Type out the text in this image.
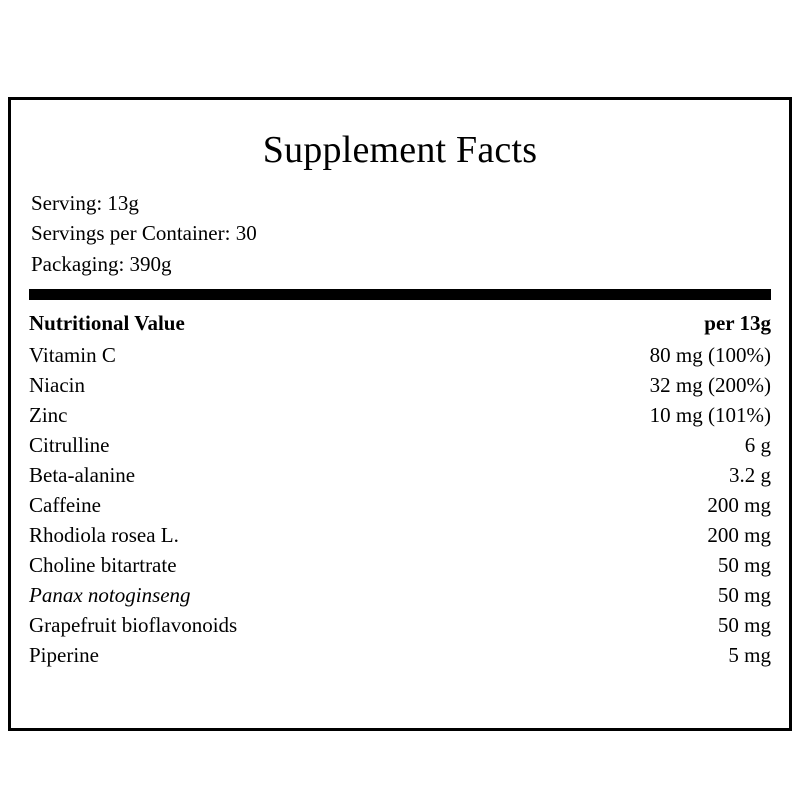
Supplement Facts
Serving: 13g
Servings per Container: 30
Packaging: 390g
Nutritional Value	per 13g
Vitamin C	80 mg (100%)
Niacin	32 mg (200%)
Zinc	10 mg (101%)
Citrulline	6 g
Beta-alanine	3.2 g
Caffeine	200 mg
Rhodiola rosea L.	200 mg
Choline bitartrate	50 mg
Panax notoginseng	50 mg
Grapefruit bioflavonoids	50 mg
Piperine	5 mg
